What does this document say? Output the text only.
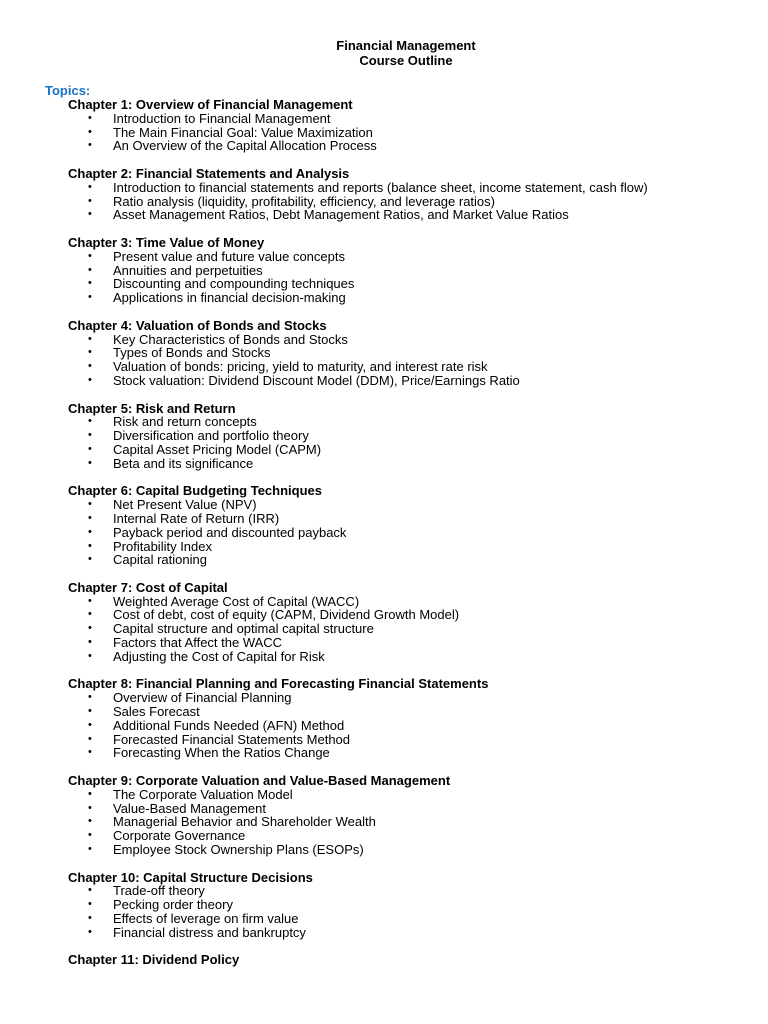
Financial Management
Course Outline
Topics:
Chapter 1: Overview of Financial Management
• Introduction to Financial Management
• The Main Financial Goal: Value Maximization
• An Overview of the Capital Allocation Process
Chapter 2: Financial Statements and Analysis
• Introduction to financial statements and reports (balance sheet, income statement, cash flow)
• Ratio analysis (liquidity, profitability, efficiency, and leverage ratios)
• Asset Management Ratios, Debt Management Ratios, and Market Value Ratios
Chapter 3: Time Value of Money
• Present value and future value concepts
• Annuities and perpetuities
• Discounting and compounding techniques
• Applications in financial decision-making
Chapter 4: Valuation of Bonds and Stocks
• Key Characteristics of Bonds and Stocks
• Types of Bonds and Stocks
• Valuation of bonds: pricing, yield to maturity, and interest rate risk
• Stock valuation: Dividend Discount Model (DDM), Price/Earnings Ratio
Chapter 5: Risk and Return
• Risk and return concepts
• Diversification and portfolio theory
• Capital Asset Pricing Model (CAPM)
• Beta and its significance
Chapter 6: Capital Budgeting Techniques
• Net Present Value (NPV)
• Internal Rate of Return (IRR)
• Payback period and discounted payback
• Profitability Index
• Capital rationing
Chapter 7: Cost of Capital
• Weighted Average Cost of Capital (WACC)
• Cost of debt, cost of equity (CAPM, Dividend Growth Model)
• Capital structure and optimal capital structure
• Factors that Affect the WACC
• Adjusting the Cost of Capital for Risk
Chapter 8: Financial Planning and Forecasting Financial Statements
• Overview of Financial Planning
• Sales Forecast
• Additional Funds Needed (AFN) Method
• Forecasted Financial Statements Method
• Forecasting When the Ratios Change
Chapter 9: Corporate Valuation and Value-Based Management
• The Corporate Valuation Model
• Value-Based Management
• Managerial Behavior and Shareholder Wealth
• Corporate Governance
• Employee Stock Ownership Plans (ESOPs)
Chapter 10: Capital Structure Decisions
• Trade-off theory
• Pecking order theory
• Effects of leverage on firm value
• Financial distress and bankruptcy
Chapter 11: Dividend Policy
